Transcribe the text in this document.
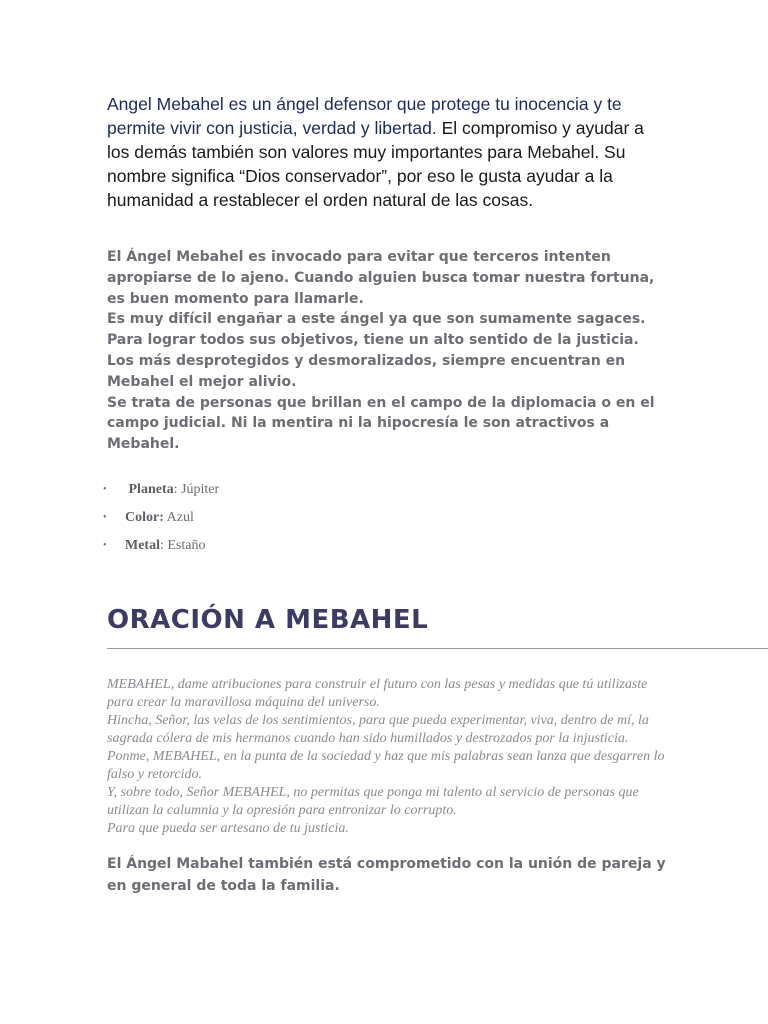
Angel Mebahel es un ángel defensor que protege tu inocencia y te permite vivir con justicia, verdad y libertad. El compromiso y ayudar a los demás también son valores muy importantes para Mebahel. Su nombre significa “Dios conservador”, por eso le gusta ayudar a la humanidad a restablecer el orden natural de las cosas.

El Ángel Mebahel es invocado para evitar que terceros intenten apropiarse de lo ajeno. Cuando alguien busca tomar nuestra fortuna, es buen momento para llamarle.

Es muy difícil engañar a este ángel ya que son sumamente sagaces. Para lograr todos sus objetivos, tiene un alto sentido de la justicia. Los más desprotegidos y desmoralizados, siempre encuentran en Mebahel el mejor alivio.

Se trata de personas que brillan en el campo de la diplomacia o en el campo judicial. Ni la mentira ni la hipocresía le son atractivos a Mebahel.

• Planeta: Júpiter
• Color: Azul
• Metal: Estaño
ORACIÓN A MEBAHEL

MEBAHEL, dame atribuciones para construir el futuro con las pesas y medidas que tú utilizaste para crear la maravillosa máquina del universo.

Hincha, Señor, las velas de los sentimientos, para que pueda experimentar, viva, dentro de mí, la sagrada cólera de mis hermanos cuando han sido humillados y destrozados por la injusticia.

Ponme, MEBAHEL, en la punta de la sociedad y haz que mis palabras sean lanza que desgarren lo falso y retorcido.

Y, sobre todo, Señor MEBAHEL, no permitas que ponga mi talento al servicio de personas que utilizan la calumnia y la opresión para entronizar lo corrupto.

Para que pueda ser artesano de tu justicia.

El Ángel Mabahel también está comprometido con la unión de pareja y en general de toda la familia.
